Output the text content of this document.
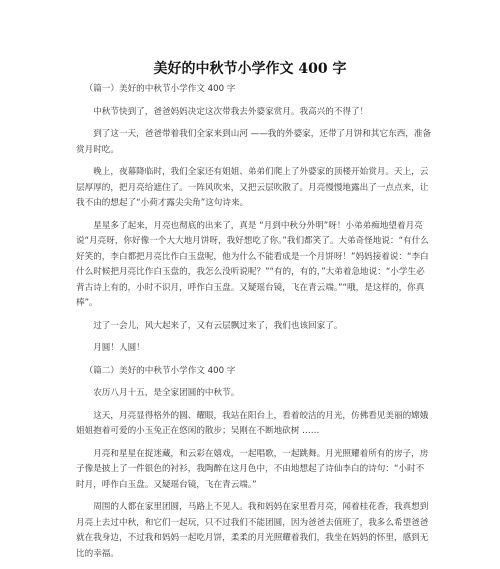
美好的中秋节小学作文 400 字

（篇一）美好的中秋节小学作文 400 字

中秋节快到了，爸爸妈妈决定这次带我去外婆家赏月。我高兴的不得了！

到了这一天，爸爸带着我们全家来到山河 ——我的外婆家，还带了月饼和其它东西，准备赏月时吃。

晚上，夜幕降临时，我们全家还有姐姐、弟弟们爬上了外婆家的顶楼开始赏月。天上，云层厚厚的，把月亮给遮住了。一阵风吹来，又把云层吹散了。月亮慢慢地露出了一点点来，让我不由的想起了“小荷才露尖尖角”这句诗来。

星星多了起来，月亮也彻底的出来了，真是 “月到中秋分外明”呀！小弟弟痴地望着月亮说“月亮呀，你好像一个大大地月饼呀，我好想吃了你。”我们都笑了。大弟奇怪地说：“有什么好笑的，李白都把月亮比作白玉盘呢，他为什么不能看成是一个月饼呀！”妈妈接着说：“李白什么时候把月亮比作白玉盘的，我怎么没听说呢？”“有的，有的，”大弟着急地说：“小学生必背古诗上有的，小时不识月，呼作白玉盘。又疑瑶台镜，飞在青云端。”“哦，是这样的，你真棒”。

过了一会儿，风大起来了，又有云层飘过来了，我们也该回家了。

月圆！人圆！

（篇二）美好的中秋节小学作文 400 字

农历八月十五，是全家团圆的中秋节。

这天，月亮显得格外的圆、耀眼，我站在阳台上，看着皎洁的月光，仿佛看见美丽的嫦娥姐姐抱着可爱的小玉兔正在悠闲的散步；吴刚在不断地砍树 ……

月亮和星星在捉迷藏，和云彩在嬉戏，一起唱歌，一起跳舞。月光照耀着所有的房子，房子像是披上了一件银色的衬衫，我陶醉在这月色中，不由地想起了诗仙李白的诗句：“小时不时月，呼作白玉盘。又疑瑶台镜，飞在青云端。”

周围的人都在家里团圆，马路上不见人。我和妈妈在家里看月亮，闻着桂花香，我真想到月亮上去过中秋，和它们一起玩，只不过我们不能团圆，因为爸爸去值班了，我多么希望爸爸就在我身边，不过我和妈妈一起吃月饼，柔柔的月光照耀着我们，我坐在妈妈的怀里，感到无比的幸福。
